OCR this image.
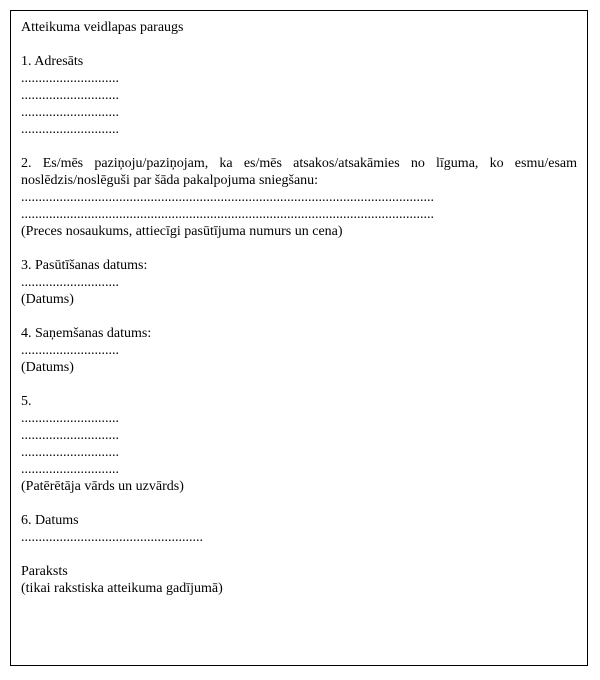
Atteikuma veidlapas paraugs
1. Adresāts
............................
............................
............................
............................
2. Es/mēs paziņoju/paziņojam, ka es/mēs atsakos/atsakāmies no līguma, ko esmu/esam
noslēdzis/noslēguši par šāda pakalpojuma sniegšanu:
......................................................................................................................
......................................................................................................................
(Preces nosaukums, attiecīgi pasūtījuma numurs un cena)
3. Pasūtīšanas datums:
............................
(Datums)
4. Saņemšanas datums:
............................
(Datums)
5.
............................
............................
............................
............................
(Patērētāja vārds un uzvārds)
6. Datums
....................................................
Paraksts
(tikai rakstiska atteikuma gadījumā)
